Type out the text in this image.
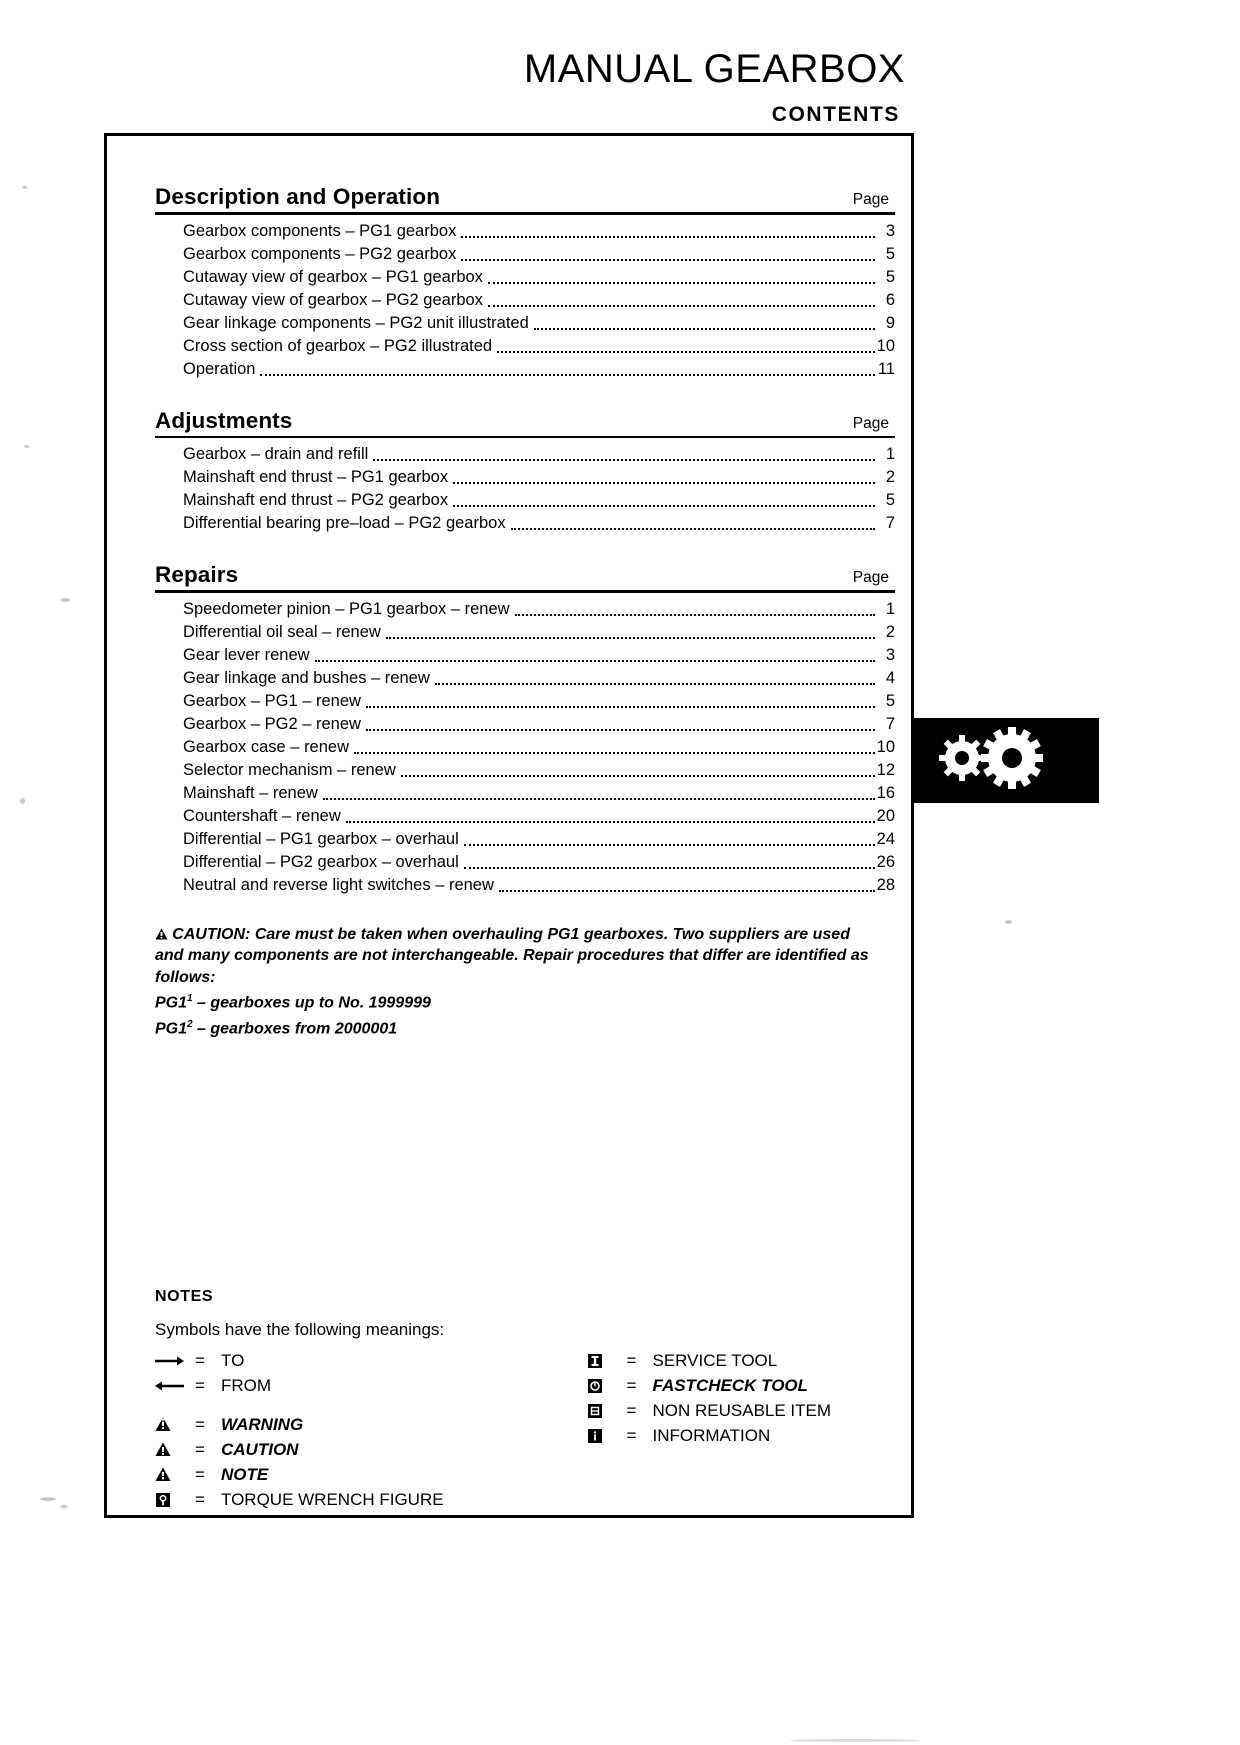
MANUAL GEARBOX
CONTENTS
Description and Operation	Page
Gearbox components – PG1 gearbox	3
Gearbox components – PG2 gearbox	5
Cutaway view of gearbox – PG1 gearbox	5
Cutaway view of gearbox – PG2 gearbox	6
Gear linkage components – PG2 unit illustrated	9
Cross section of gearbox – PG2 illustrated	10
Operation	11
Adjustments	Page
Gearbox – drain and refill	1
Mainshaft end thrust – PG1 gearbox	2
Mainshaft end thrust – PG2 gearbox	5
Differential bearing pre–load – PG2 gearbox	7
Repairs	Page
Speedometer pinion – PG1 gearbox – renew	1
Differential oil seal – renew	2
Gear lever renew	3
Gear linkage and bushes – renew	4
Gearbox – PG1 – renew	5
Gearbox – PG2 – renew	7
Gearbox case – renew	10
Selector mechanism – renew	12
Mainshaft – renew	16
Countershaft – renew	20
Differential – PG1 gearbox – overhaul	24
Differential – PG2 gearbox – overhaul	26
Neutral and reverse light switches – renew	28
CAUTION: Care must be taken when overhauling PG1 gearboxes. Two suppliers are used and many components are not interchangeable. Repair procedures that differ are identified as follows:
$PG1^1$ – gearboxes up to No. 1999999
$PG1^2$ – gearboxes from 2000001
NOTES
Symbols have the following meanings:
= TO
= FROM
= WARNING
= CAUTION
= NOTE
= TORQUE WRENCH FIGURE
= SERVICE TOOL
= FASTCHECK TOOL
= NON REUSABLE ITEM
= INFORMATION
